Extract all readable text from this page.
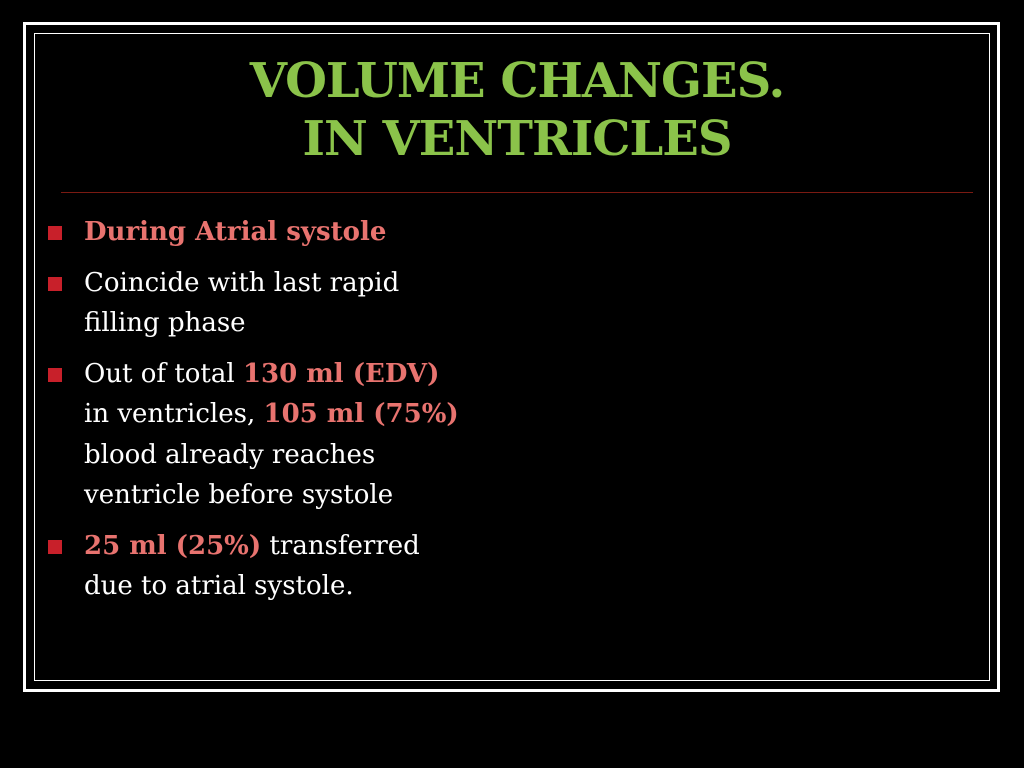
VOLUME CHANGES.
IN VENTRICLES
During Atrial systole
Coincide with last rapid
filling phase
Out of total 130 ml (EDV)
in ventricles, 105 ml (75%)
blood already reaches
ventricle before systole
25 ml (25%) transferred
due to atrial systole.
